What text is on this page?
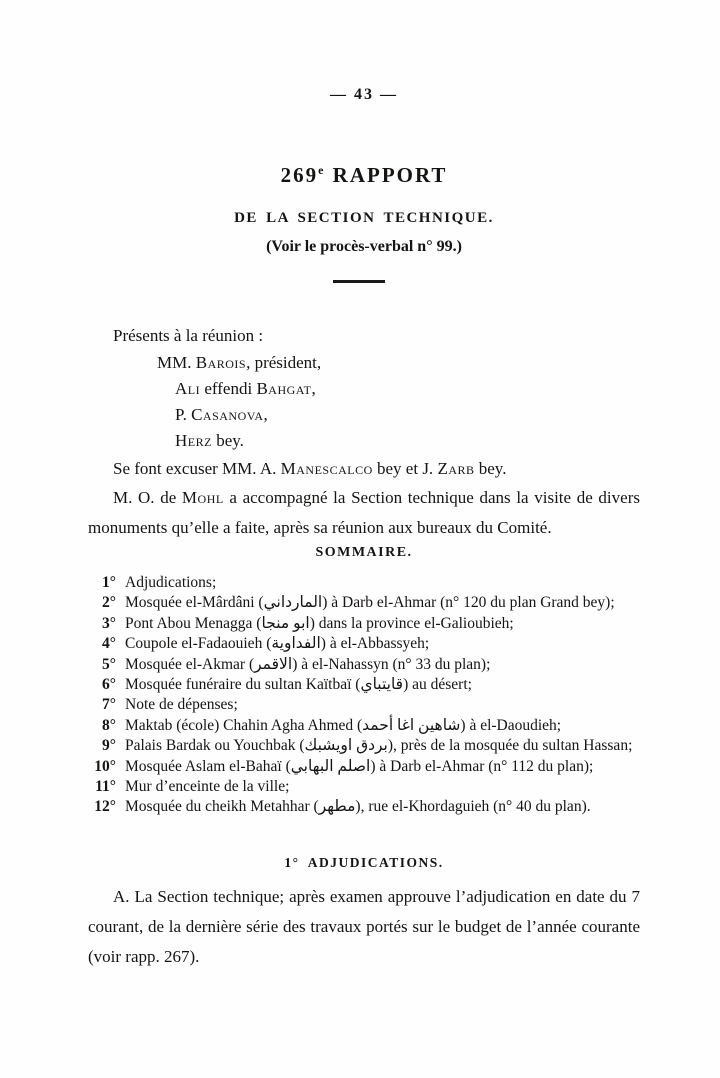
— 43 —
269e RAPPORT
DE LA SECTION TECHNIQUE.
(Voir le procès-verbal n° 99.)
Présents à la réunion :
MM. Barois, président,
Ali effendi Bahgat,
P. Casanova,
Herz bey.
Se font excuser MM. A. Manescalco bey et J. Zarb bey.
M. O. de Mohl a accompagné la Section technique dans la visite de divers monuments qu’elle a faite, après sa réunion aux bureaux du Comité.
SOMMAIRE.
1° Adjudications;
2° Mosquée el-Mârdâni (المارداني) à Darb el-Ahmar (n° 120 du plan Grand bey);
3° Pont Abou Menagga (ابو منجا) dans la province el-Galioubieh;
4° Coupole el-Fadaouieh (الفداوية) à el-Abbassyeh;
5° Mosquée el-Akmar (الاقمر) à el-Nahassyn (n° 33 du plan);
6° Mosquée funéraire du sultan Kaïtbaï (قايتباي) au désert;
7° Note de dépenses;
8° Maktab (école) Chahin Agha Ahmed (شاهين اغا أحمد) à el-Daoudieh;
9° Palais Bardak ou Youchbak (بردق اويشبك), près de la mosquée du sultan Hassan;
10° Mosquée Aslam el-Bahaï (اصلم البهابي) à Darb el-Ahmar (n° 112 du plan);
11° Mur d’enceinte de la ville;
12° Mosquée du cheikh Metahhar (مطهر), rue el-Khordaguieh (n° 40 du plan).
1° ADJUDICATIONS.
A. La Section technique; après examen approuve l’adjudication en date du 7 courant, de la dernière série des travaux portés sur le budget de l’année courante (voir rapp. 267).
